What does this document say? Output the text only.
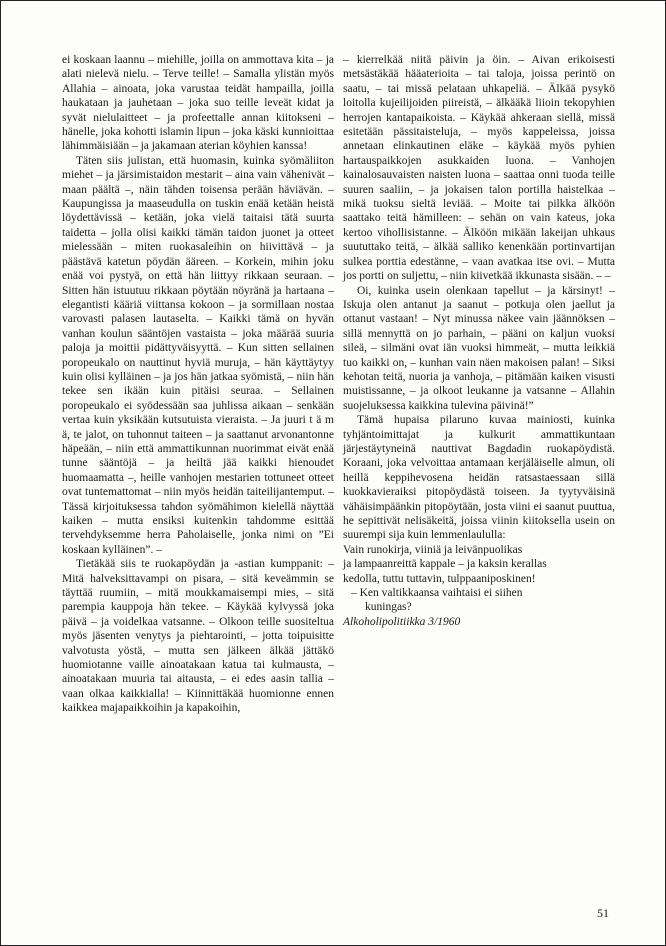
ei koskaan laannu – miehille, joilla on ammottava kita – ja alati nielevä nielu. – Terve teille! – Samalla ylistän myös Allahia – ainoata, joka varustaa teidät hampailla, joilla haukataan ja jauhetaan – joka suo teille leveät kidat ja syvät nielulaitteet – ja profeettalle annan kiitokseni – hänelle, joka kohotti islamin lipun – joka käski kunnioittaa lähimmäisiään – ja jakamaan aterian köyhien kanssa!

Täten siis julistan, että huomasin, kuinka syömäliiton miehet – ja järsimistaidon mestarit – aina vain vähenivät – maan päältä –, näin tähden toisensa perään häviävän. – Kaupungissa ja maaseudulla on tuskin enää ketään heistä löydettävissä – ketään, joka vielä taitaisi tätä suurta taidetta – jolla olisi kaikki tämän taidon juonet ja otteet mielessään – miten ruokasaleihin on hiivittävä – ja päästävä katetun pöydän ääreen. – Korkein, mihin joku enää voi pystyä, on että hän liittyy rikkaan seuraan. – Sitten hän istuutuu rikkaan pöytään nöyränä ja hartaana – elegantisti kääriä viittansa kokoon – ja sormillaan nostaa varovasti palasen lautaselta. – Kaikki tämä on hyvän vanhan koulun sääntöjen vastaista – joka määrää suuria paloja ja moittii pidättyväisyyttä. – Kun sitten sellainen poropeukalo on nauttinut hyviä muruja, – hän käyttäytyy kuin olisi kylläinen – ja jos hän jatkaa syömistä, – niin hän tekee sen ikään kuin pitäisi seuraa. – Sellainen poropeukalo ei syödessään saa juhlissa aikaan – senkään vertaa kuin yksikään kutsutuista vieraista. – Ja juuri t ä m ä, te jalot, on tuhonnut taiteen – ja saattanut arvonantonne häpeään, – niin että ammattikunnan nuorimmat eivät enää tunne sääntöjä – ja heiltä jää kaikki hienoudet huomaamatta –, heille vanhojen mestarien tottuneet otteet ovat tuntemattomat – niin myös heidän taiteilijantemput. – Tässä kirjoituksessa tahdon syömähimon kielellä näyttää kaiken – mutta ensiksi kuitenkin tahdomme esittää tervehdyksemme herra Paholaiselle, jonka nimi on ”Ei koskaan kylläinen”. –

Tietäkää siis te ruokapöydän ja -astian kumppanit: – Mitä halveksittavampi on pisara, – sitä keveämmin se täyttää ruumiin, – mitä moukkamaisempi mies, – sitä parempia kauppoja hän tekee. – Käykää kylvyssä joka päivä – ja voidelkaa vatsanne. – Olkoon teille suositeltua myös jäsenten venytys ja piehtarointi, – jotta toipuisitte valvotusta yöstä, – mutta sen jälkeen älkää jättäkö huomiotanne vaille ainoatakaan katua tai kulmausta, – ainoatakaan muuria tai aitausta, – ei edes aasin tallia – vaan olkaa kaikkialla! – Kiinnittäkää huomionne ennen kaikkea majapaikkoihin ja kapakoihin,

– kierrelkää niitä päivin ja öin. – Aivan erikoisesti metsästäkää hääaterioita – tai taloja, joissa perintö on saatu, – tai missä pelataan uhkapeliä. – Älkää pysykö loitolla kujeilijoiden piireistä, – älkääkä liioin tekopyhien herrojen kantapaikoista. – Käykää ahkeraan siellä, missä esitetään pässitaisteluja, – myös kappeleissa, joissa annetaan elinkautinen eläke – käykää myös pyhien hartauspaikkojen asukkaiden luona. – Vanhojen kainalosauvaisten naisten luona – saattaa onni tuoda teille suuren saaliin, – ja jokaisen talon portilla haistelkaa – mikä tuoksu sieltä leviää. – Moite tai pilkka älköön saattako teitä hämilleen: – sehän on vain kateus, joka kertoo vihollisistanne. – Älköön mikään lakeijan uhkaus suututtako teitä, – älkää salliko kenenkään portinvartijan sulkea porttia edestänne, – vaan avatkaa itse ovi. – Mutta jos portti on suljettu, – niin kiivetkää ikkunasta sisään. – –

Oi, kuinka usein olenkaan tapellut – ja kärsinyt! – Iskuja olen antanut ja saanut – potkuja olen jaellut ja ottanut vastaan! – Nyt minussa näkee vain jäännöksen – sillä mennyttä on jo parhain, – pääni on kaljun vuoksi sileä, – silmäni ovat iän vuoksi himmeät, – mutta leikkiä tuo kaikki on, – kunhan vain näen makoisen palan! – Siksi kehotan teitä, nuoria ja vanhoja, – pitämään kaiken visusti muistissanne, – ja olkoot leukanne ja vatsanne – Allahin suojeluksessa kaikkina tulevina päivinä!”

Tämä hupaisa pilaruno kuvaa mainiosti, kuinka tyhjäntoimittajat ja kulkurit ammattikuntaan järjestäytyneinä nauttivat Bagdadin ruokapöydistä. Koraani, joka velvoittaa antamaan kerjäläiselle almun, oli heillä keppihevosena heidän ratsastaessaan sillä kuokkavieraiksi pitopöydästä toiseen. Ja tyytyväisinä vähäisimpäänkin pitopöytään, josta viini ei saanut puuttua, he sepittivät nelisäkeitä, joissa viinin kiitoksella usein on suurempi sija kuin lemmenlaululla:

Vain runokirja, viiniä ja leivänpuolikas
ja lampaanreittä kappale – ja kaksin kerallas
kedolla, tuttu tuttavin, tulppaaniposkinen!
– Ken valtikkaansa vaihtaisi ei siihen
kuningas?

Alkoholipolitiikka 3/1960

51
